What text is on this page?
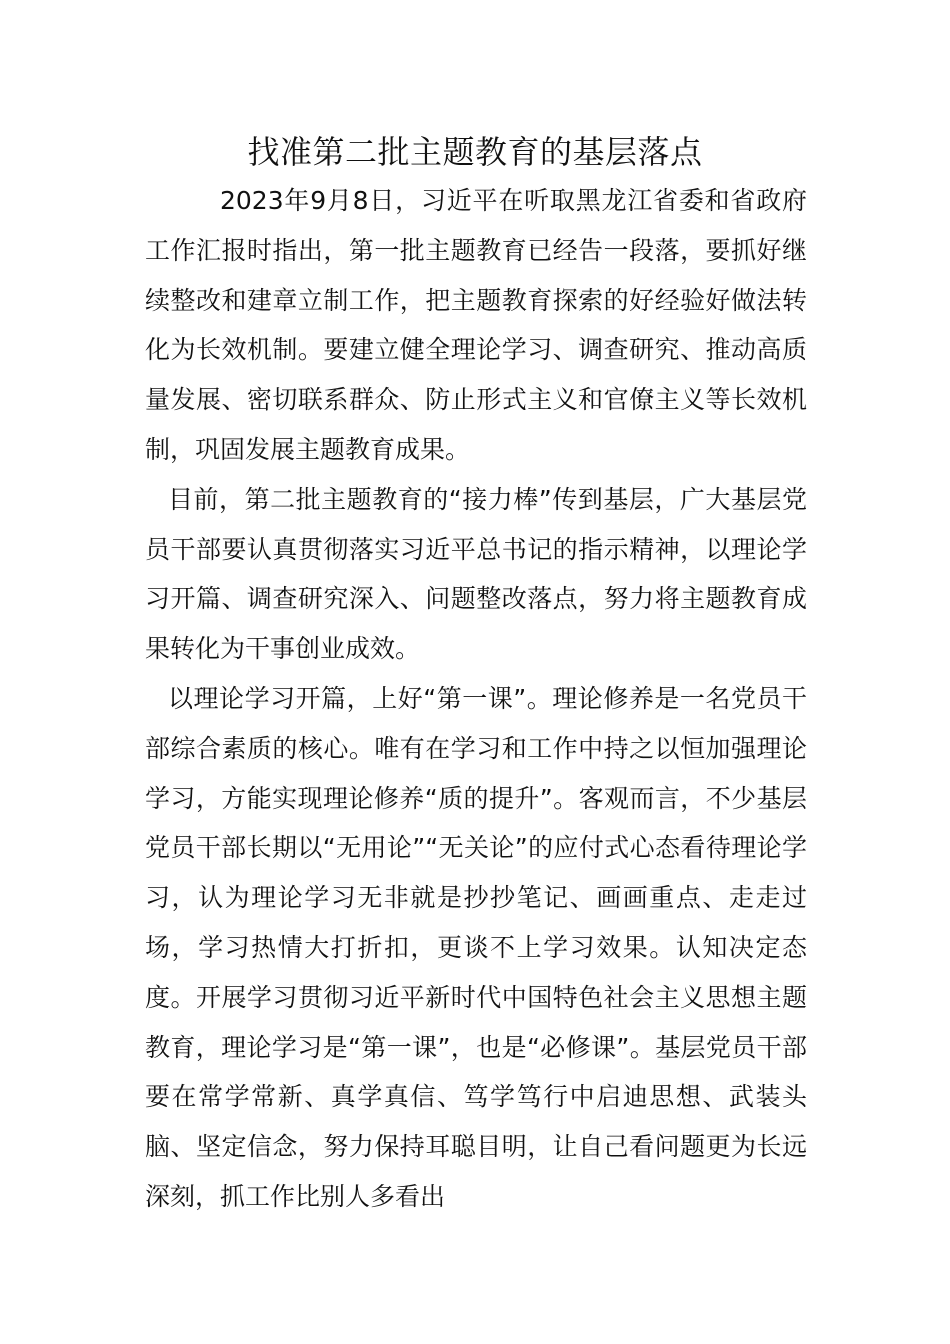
找准第二批主题教育的基层落点

2023年9月8日，习近平在听取黑龙江省委和省政府工作汇报时指出，第一批主题教育已经告一段落，要抓好继续整改和建章立制工作，把主题教育探索的好经验好做法转化为长效机制。要建立健全理论学习、调查研究、推动高质量发展、密切联系群众、防止形式主义和官僚主义等长效机制，巩固发展主题教育成果。

目前，第二批主题教育的“接力棒”传到基层，广大基层党员干部要认真贯彻落实习近平总书记的指示精神，以理论学习开篇、调查研究深入、问题整改落点，努力将主题教育成果转化为干事创业成效。

以理论学习开篇，上好“第一课”。理论修养是一名党员干部综合素质的核心。唯有在学习和工作中持之以恒加强理论学习，方能实现理论修养“质的提升”。客观而言，不少基层党员干部长期以“无用论”“无关论”的应付式心态看待理论学习，认为理论学习无非就是抄抄笔记、画画重点、走走过场，学习热情大打折扣，更谈不上学习效果。认知决定态度。开展学习贯彻习近平新时代中国特色社会主义思想主题教育，理论学习是“第一课”，也是“必修课”。基层党员干部要在常学常新、真学真信、笃学笃行中启迪思想、武装头脑、坚定信念，努力保持耳聪目明，让自己看问题更为长远深刻，抓工作比别人多看出
